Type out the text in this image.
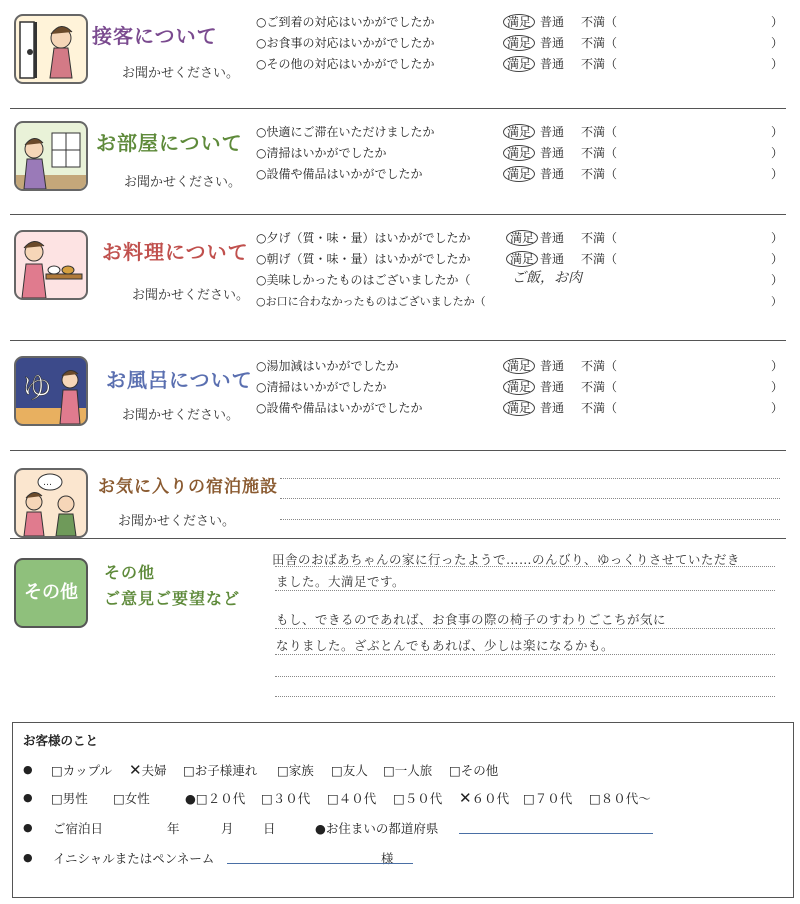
接客について
お聞かせください。
○ご到着の対応はいかがでしたか	満足 普通 不満（	）
○お食事の対応はいかがでしたか	満足 普通 不満（	）
○その他の対応はいかがでしたか	満足 普通 不満（	）
お部屋について
お聞かせください。
○快適にご滞在いただけましたか	満足 普通 不満（	）
○清掃はいかがでしたか	満足 普通 不満（	）
○設備や備品はいかがでしたか	満足 普通 不満（	）
お料理について
お聞かせください。
○夕げ（質・味・量）はいかがでしたか	満足 普通 不満（	）
○朝げ（質・味・量）はいかがでしたか	満足 普通 不満（	）
○美味しかったものはございましたか（	ご飯，お肉	）
○お口に合わなかったものはございましたか（	）
ゆ	お風呂について
お聞かせください。
○湯加減はいかがでしたか	満足 普通 不満（	）
○清掃はいかがでしたか	満足 普通 不満（	）
○設備や備品はいかがでしたか	満足 普通 不満（	）
…	お気に入りの宿泊施設
お聞かせください。
その他
その他
ご意見ご要望など
田舎のおばあちゃんの家に行ったようで……のんびり、ゆっくりさせていただき
ました。大満足です。
もし、できるのであれば、お食事の際の椅子のすわりごこちが気に
なりました。ざぶとんでもあれば、少しは楽になるかも。
お客様のこと
● □カップル ✕夫婦 □お子様連れ □家族 □友人 □一人旅 □その他
● □男性 □女性	●□２０代 □３０代 □４０代 □５０代 ✕６０代 □７０代 □８０代〜
● ご宿泊日	年	月 日	●お住まいの都道府県
● イニシャルまたはペンネーム	様
